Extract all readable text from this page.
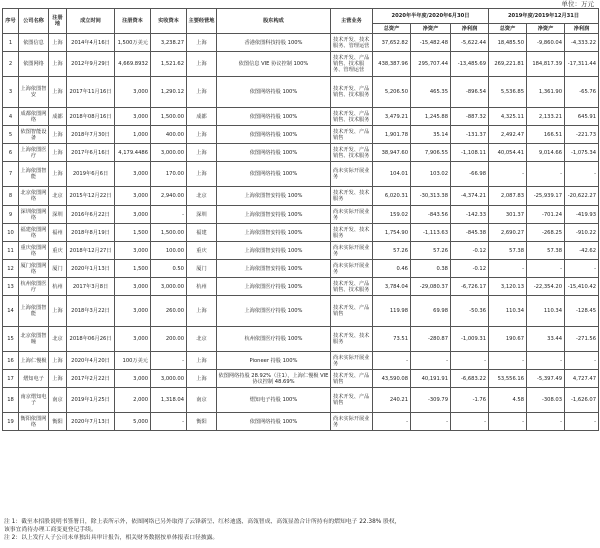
单位：万元
序号	公司名称	注册地	成立时间	注册资本	实收资本	主要经营地	股东构成	主营业务	2020年半年度/2020年6月30日			2019年度/2019年12月31日		
									总资产	净资产	净利润	总资产	净资产	净利润
1	依图信息	上海	2014年4月16日	1,500万美元	3,238.27	上海	香港依图科技持股 100%	技术开发、技术服务、管理运营	37,652.82	-15,482.48	-5,622.44	18,485.50	-9,860.04	-4,333.22
2	依图网络	上海	2012年9月29日	4,669.8932	1,521.62	上海	依图信息 VIE 协议控制 100%	技术开发、产品销售、技术服务、管理运营	438,387.96	295,707.44	-13,485.69	269,221.81	184,817.39	-17,311.44
3	上海依图智安	上海	2017年11月16日	3,000	1,290.12	上海	依图网络持股 100%	技术开发、产品销售、技术服务	5,206.50	465.35	-896.54	5,536.85	1,361.90	-65.76
4	成都依图网络	成都	2018年08月16日	3,000	1,500.00	成都	依图网络持股 100%	技术开发、产品销售、技术服务	3,479.21	1,245.88	-887.32	4,325.11	2,133.21	645.91
5	依图智能设备	上海	2018年7月30日	1,000	400.00	上海	依图网络持股 100%	技术开发、产品销售	1,901.78	35.14	-131.37	2,492.47	166.51	-221.73
6	上海依图医疗	上海	2017年6月16日	4,179.4486	3,000.00	上海	依图网络持股 100%	技术开发、产品销售、技术服务	38,947.60	7,906.55	-1,108.11	40,054.41	9,014.66	-1,075.34
7	上海依图智能	上海	2019年6月6日	3,000	170.00	上海	依图网络持股 100%	尚未实际开展业务	104.01	103.02	-66.98	-	-	-
8	北京依图网络	北京	2015年12月22日	3,000	2,940.00	北京	上海依图智安持股 100%	技术开发、技术服务	6,020.31	-30,313.38	-4,374.21	2,087.83	-25,939.17	-20,622.27
9	深圳依图网络	深圳	2016年6月22日	3,000	-	深圳	上海依图智安持股 100%	尚未实际开展业务	159.02	-843.56	-142.33	301.37	-701.24	-419.93
10	福建依图网络	福州	2018年8月19日	1,500	1,500.00	福建	上海依图智安持股 100%	技术开发、技术服务	1,754.90	-1,113.63	-845.38	2,690.27	-268.25	-910.22
11	重庆依图网络	重庆	2018年12月27日	3,000	100.00	重庆	上海依图智安持股 100%	尚未实际开展业务	57.26	57.26	-0.12	57.38	57.38	-42.62
12	厦门依图网络	厦门	2020年1月13日	1,500	0.50	厦门	上海依图智安持股 100%	尚未实际开展业务	0.46	0.38	-0.12	-	-	-
13	杭州依图医疗	杭州	2017年3月8日	3,000	3,000.00	杭州	上海依图医疗持股 100%	技术开发、产品销售、技术服务	3,784.04	-29,080.37	-6,726.17	3,120.13	-22,354.20	-15,410.42
14	上海依图智能	上海	2018年3月22日	3,000	260.00	上海	上海依图医疗持股 100%	技术开发、产品销售	119.98	69.98	-50.36	110.34	110.34	-128.45
15	北京依图智瞳	北京	2018年06月26日	3,000	200.00	北京	杭州依图医疗持股 100%	技术开发、技术服务	73.51	-280.87	-1,009.31	190.67	33.44	-271.56
16	上海仁慢极	上海	2020年4月20日	100万美元	-	上海	Pioneer 持股 100%	尚未实际开展业务	-	-	-	-	-	-
17	熠知电子	上海	2017年2月22日	3,000	3,000.00	上海	依图网络持股 28.92%（注1），上海仁慢极 VIE 协议控制 48.69%	技术开发、产品销售	43,590.08	40,191.91	-6,683.22	53,556.16	-5,397.49	4,727.47
18	南京熠知电子	南京	2019年1月25日	2,000	1,318.04	南京	熠知电子持股 100%	技术开发、产品销售	240.21	-309.79	-1.76	4.58	-308.03	-1,626.07
19	衡阳依图网络	衡阳	2020年7月13日	5,000	-	衡阳	依图网络持股 100%	尚未实际开展业务	-	-	-	-	-	-
注 1：截至本招股说明书签署日，除上表所示外，依图网络已另外取得了云锋新呈、红杉迪盛、高瓴智成、高瓴显盈合计所持有的熠知电子 22.38% 股权，
该事宜尚待办理工商变更登记手续。
注 2：以上发行人子公司未单独出具审计报告，相关财务数据按单体报表口径披露。
